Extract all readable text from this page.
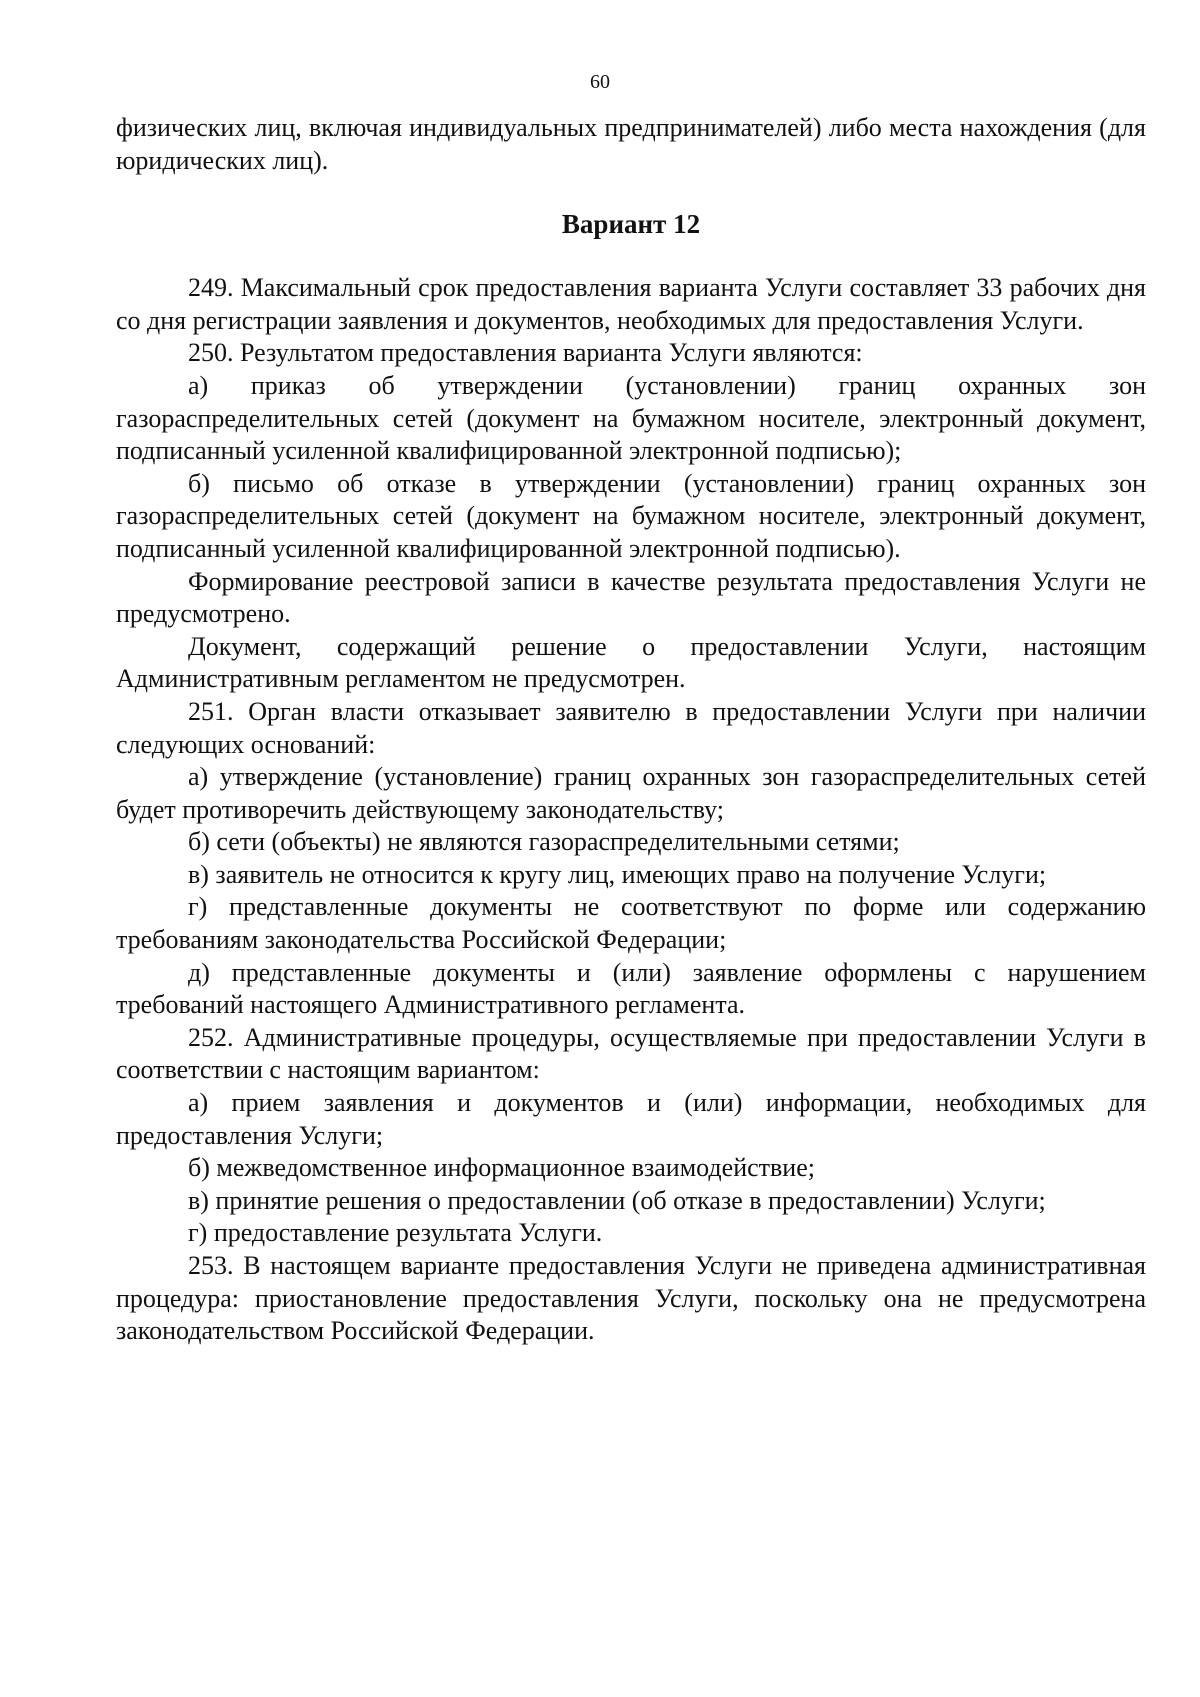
60

физических лиц, включая индивидуальных предпринимателей) либо места нахождения (для юридических лиц).

Вариант 12

249. Максимальный срок предоставления варианта Услуги составляет 33 рабочих дня со дня регистрации заявления и документов, необходимых для предоставления Услуги.

250. Результатом предоставления варианта Услуги являются:

а) приказ об утверждении (установлении) границ охранных зон газораспределительных сетей (документ на бумажном носителе, электронный документ, подписанный усиленной квалифицированной электронной подписью);

б) письмо об отказе в утверждении (установлении) границ охранных зон газораспределительных сетей (документ на бумажном носителе, электронный документ, подписанный усиленной квалифицированной электронной подписью).

Формирование реестровой записи в качестве результата предоставления Услуги не предусмотрено.

Документ, содержащий решение о предоставлении Услуги, настоящим Административным регламентом не предусмотрен.

251. Орган власти отказывает заявителю в предоставлении Услуги при наличии следующих оснований:

а) утверждение (установление) границ охранных зон газораспределительных сетей будет противоречить действующему законодательству;

б) сети (объекты) не являются газораспределительными сетями;

в) заявитель не относится к кругу лиц, имеющих право на получение Услуги;

г) представленные документы не соответствуют по форме или содержанию требованиям законодательства Российской Федерации;

д) представленные документы и (или) заявление оформлены с нарушением требований настоящего Административного регламента.

252. Административные процедуры, осуществляемые при предоставлении Услуги в соответствии с настоящим вариантом:

а) прием заявления и документов и (или) информации, необходимых для предоставления Услуги;

б) межведомственное информационное взаимодействие;

в) принятие решения о предоставлении (об отказе в предоставлении) Услуги;

г) предоставление результата Услуги.

253. В настоящем варианте предоставления Услуги не приведена административная процедура: приостановление предоставления Услуги, поскольку она не предусмотрена законодательством Российской Федерации.
